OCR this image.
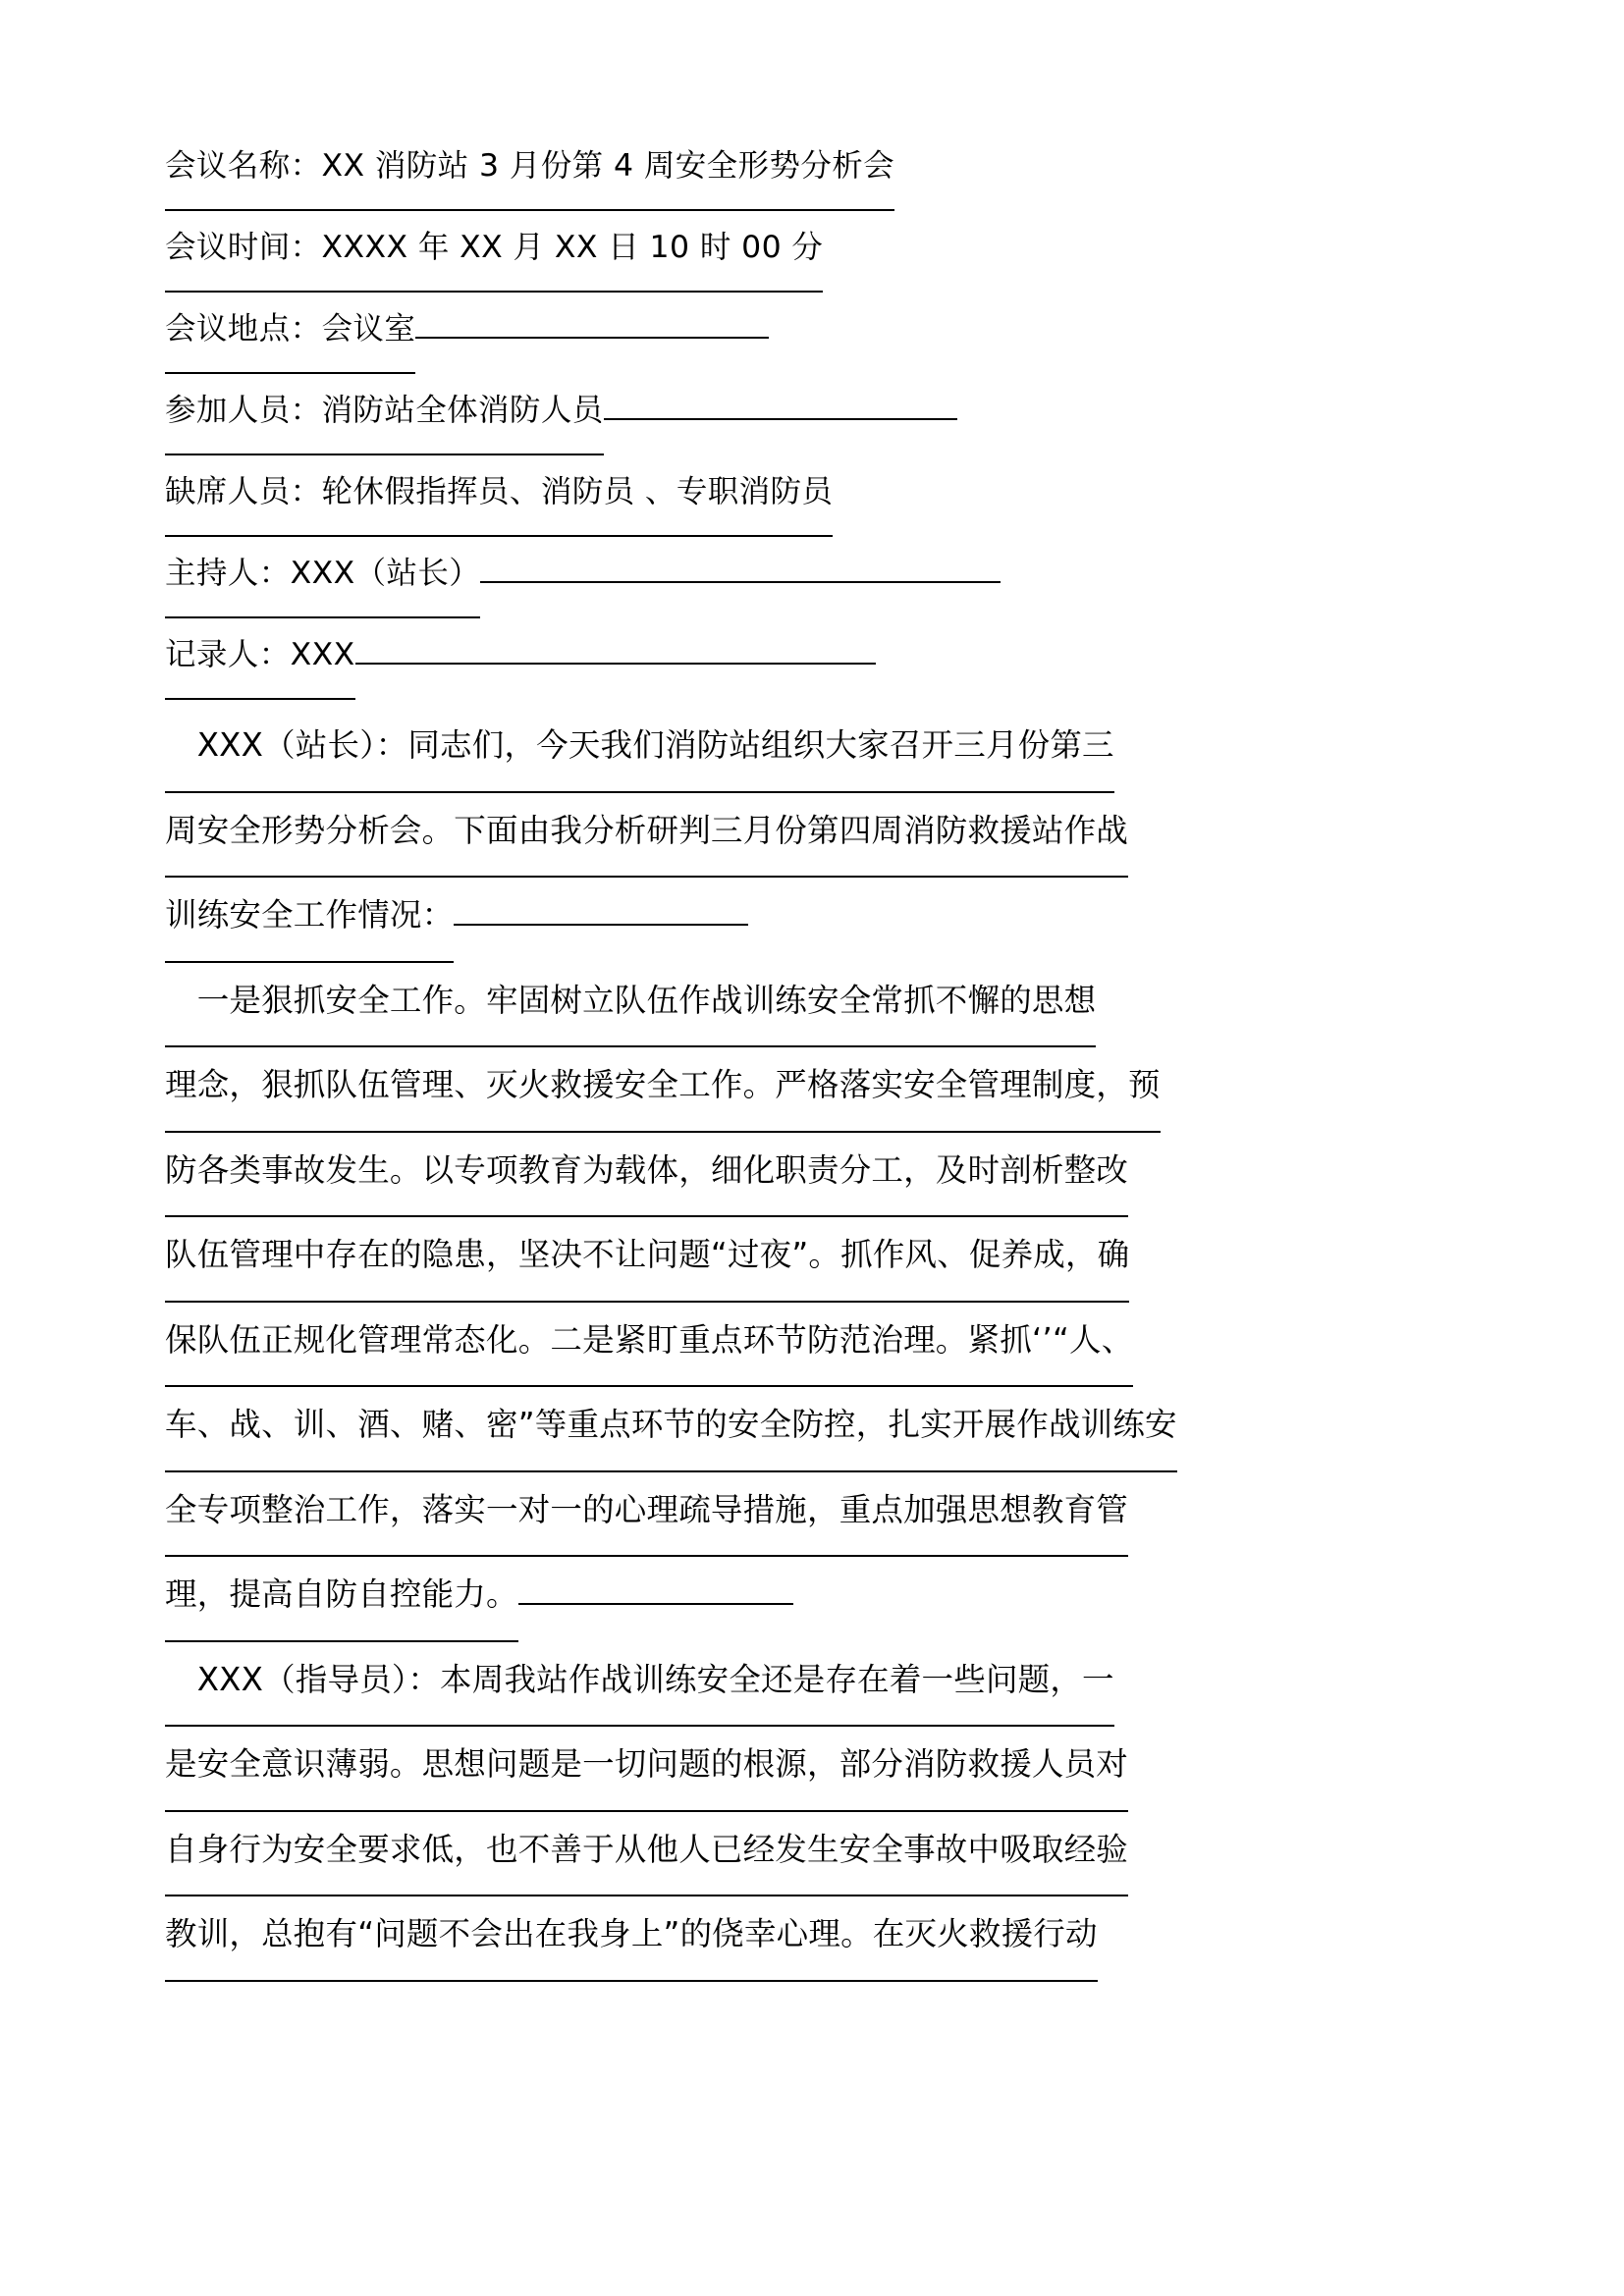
会议名称：XX 消防站 3 月份第 4 周安全形势分析会
会议时间：XXXX 年 XX 月 XX 日 10 时 00 分
会议地点：会议室
参加人员：消防站全体消防人员
缺席人员：轮休假指挥员、消防员 、专职消防员
主持人：XXX（站长）
记录人：XXX
　XXX（站长）：同志们，今天我们消防站组织大家召开三月份第三
周安全形势分析会。下面由我分析研判三月份第四周消防救援站作战
训练安全工作情况：
　一是狠抓安全工作。牢固树立队伍作战训练安全常抓不懈的思想
理念，狠抓队伍管理、灭火救援安全工作。严格落实安全管理制度，预
防各类事故发生。以专项教育为载体，细化职责分工，及时剖析整改
队伍管理中存在的隐患，坚决不让问题“过夜”。抓作风、促养成，确
保队伍正规化管理常态化。二是紧盯重点环节防范治理。紧抓‘’“人、
车、战、训、酒、赌、密”等重点环节的安全防控，扎实开展作战训练安
全专项整治工作，落实一对一的心理疏导措施，重点加强思想教育管
理，提高自防自控能力。
　XXX（指导员）：本周我站作战训练安全还是存在着一些问题，一
是安全意识薄弱。思想问题是一切问题的根源，部分消防救援人员对
自身行为安全要求低，也不善于从他人已经发生安全事故中吸取经验
教训，总抱有“问题不会出在我身上”的侥幸心理。在灭火救援行动
